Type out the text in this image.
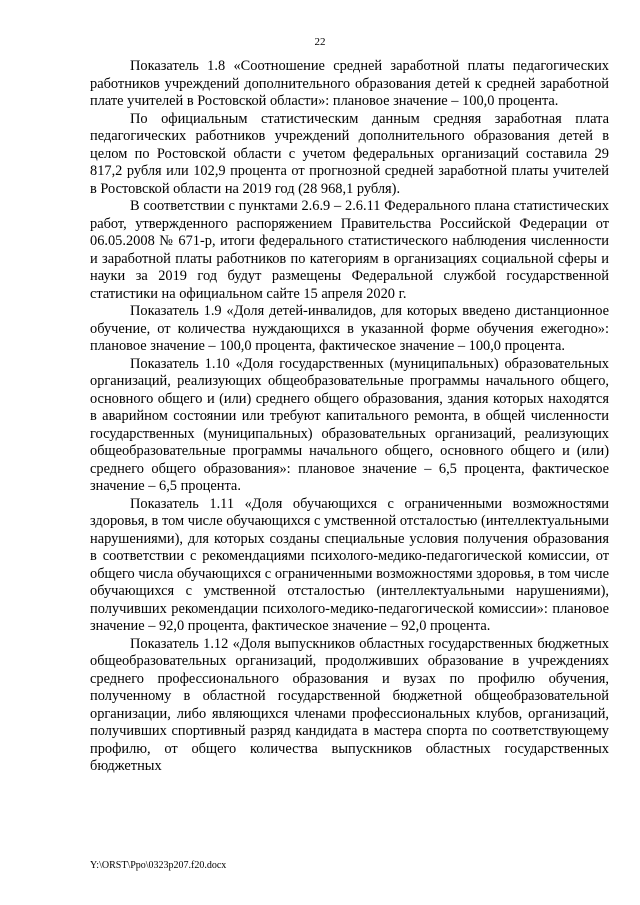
22

Показатель 1.8 «Соотношение средней заработной платы педагогических работников учреждений дополнительного образования детей к средней заработной плате учителей в Ростовской области»: плановое значение – 100,0 процента.

По официальным статистическим данным средняя заработная плата педагогических работников учреждений дополнительного образования детей в целом по Ростовской области с учетом федеральных организаций составила 29 817,2 рубля или 102,9 процента от прогнозной средней заработной платы учителей в Ростовской области на 2019 год (28 968,1 рубля).

В соответствии с пунктами 2.6.9 – 2.6.11 Федерального плана статистических работ, утвержденного распоряжением Правительства Российской Федерации от 06.05.2008 № 671-р, итоги федерального статистического наблюдения численности и заработной платы работников по категориям в организациях социальной сферы и науки за 2019 год будут размещены Федеральной службой государственной статистики на официальном сайте 15 апреля 2020 г.

Показатель 1.9 «Доля детей-инвалидов, для которых введено дистанционное обучение, от количества нуждающихся в указанной форме обучения ежегодно»: плановое значение – 100,0 процента, фактическое значение – 100,0 процента.

Показатель 1.10 «Доля государственных (муниципальных) образовательных организаций, реализующих общеобразовательные программы начального общего, основного общего и (или) среднего общего образования, здания которых находятся в аварийном состоянии или требуют капитального ремонта, в общей численности государственных (муниципальных) образовательных организаций, реализующих общеобразовательные программы начального общего, основного общего и (или) среднего общего образования»: плановое значение – 6,5 процента, фактическое значение – 6,5 процента.

Показатель 1.11 «Доля обучающихся с ограниченными возможностями здоровья, в том числе обучающихся с умственной отсталостью (интеллектуальными нарушениями), для которых созданы специальные условия получения образования в соответствии с рекомендациями психолого-медико-педагогической комиссии, от общего числа обучающихся с ограниченными возможностями здоровья, в том числе обучающихся с умственной отсталостью (интеллектуальными нарушениями), получивших рекомендации психолого-медико-педагогической комиссии»: плановое значение – 92,0 процента, фактическое значение – 92,0 процента.

Показатель 1.12 «Доля выпускников областных государственных бюджетных общеобразовательных организаций, продолживших образование в учреждениях среднего профессионального образования и вузах по профилю обучения, полученному в областной государственной бюджетной общеобразовательной организации, либо являющихся членами профессиональных клубов, организаций, получивших спортивный разряд кандидата в мастера спорта по соответствующему профилю, от общего количества выпускников областных государственных бюджетных

Y:\ORST\Ppo\0323p207.f20.docx
